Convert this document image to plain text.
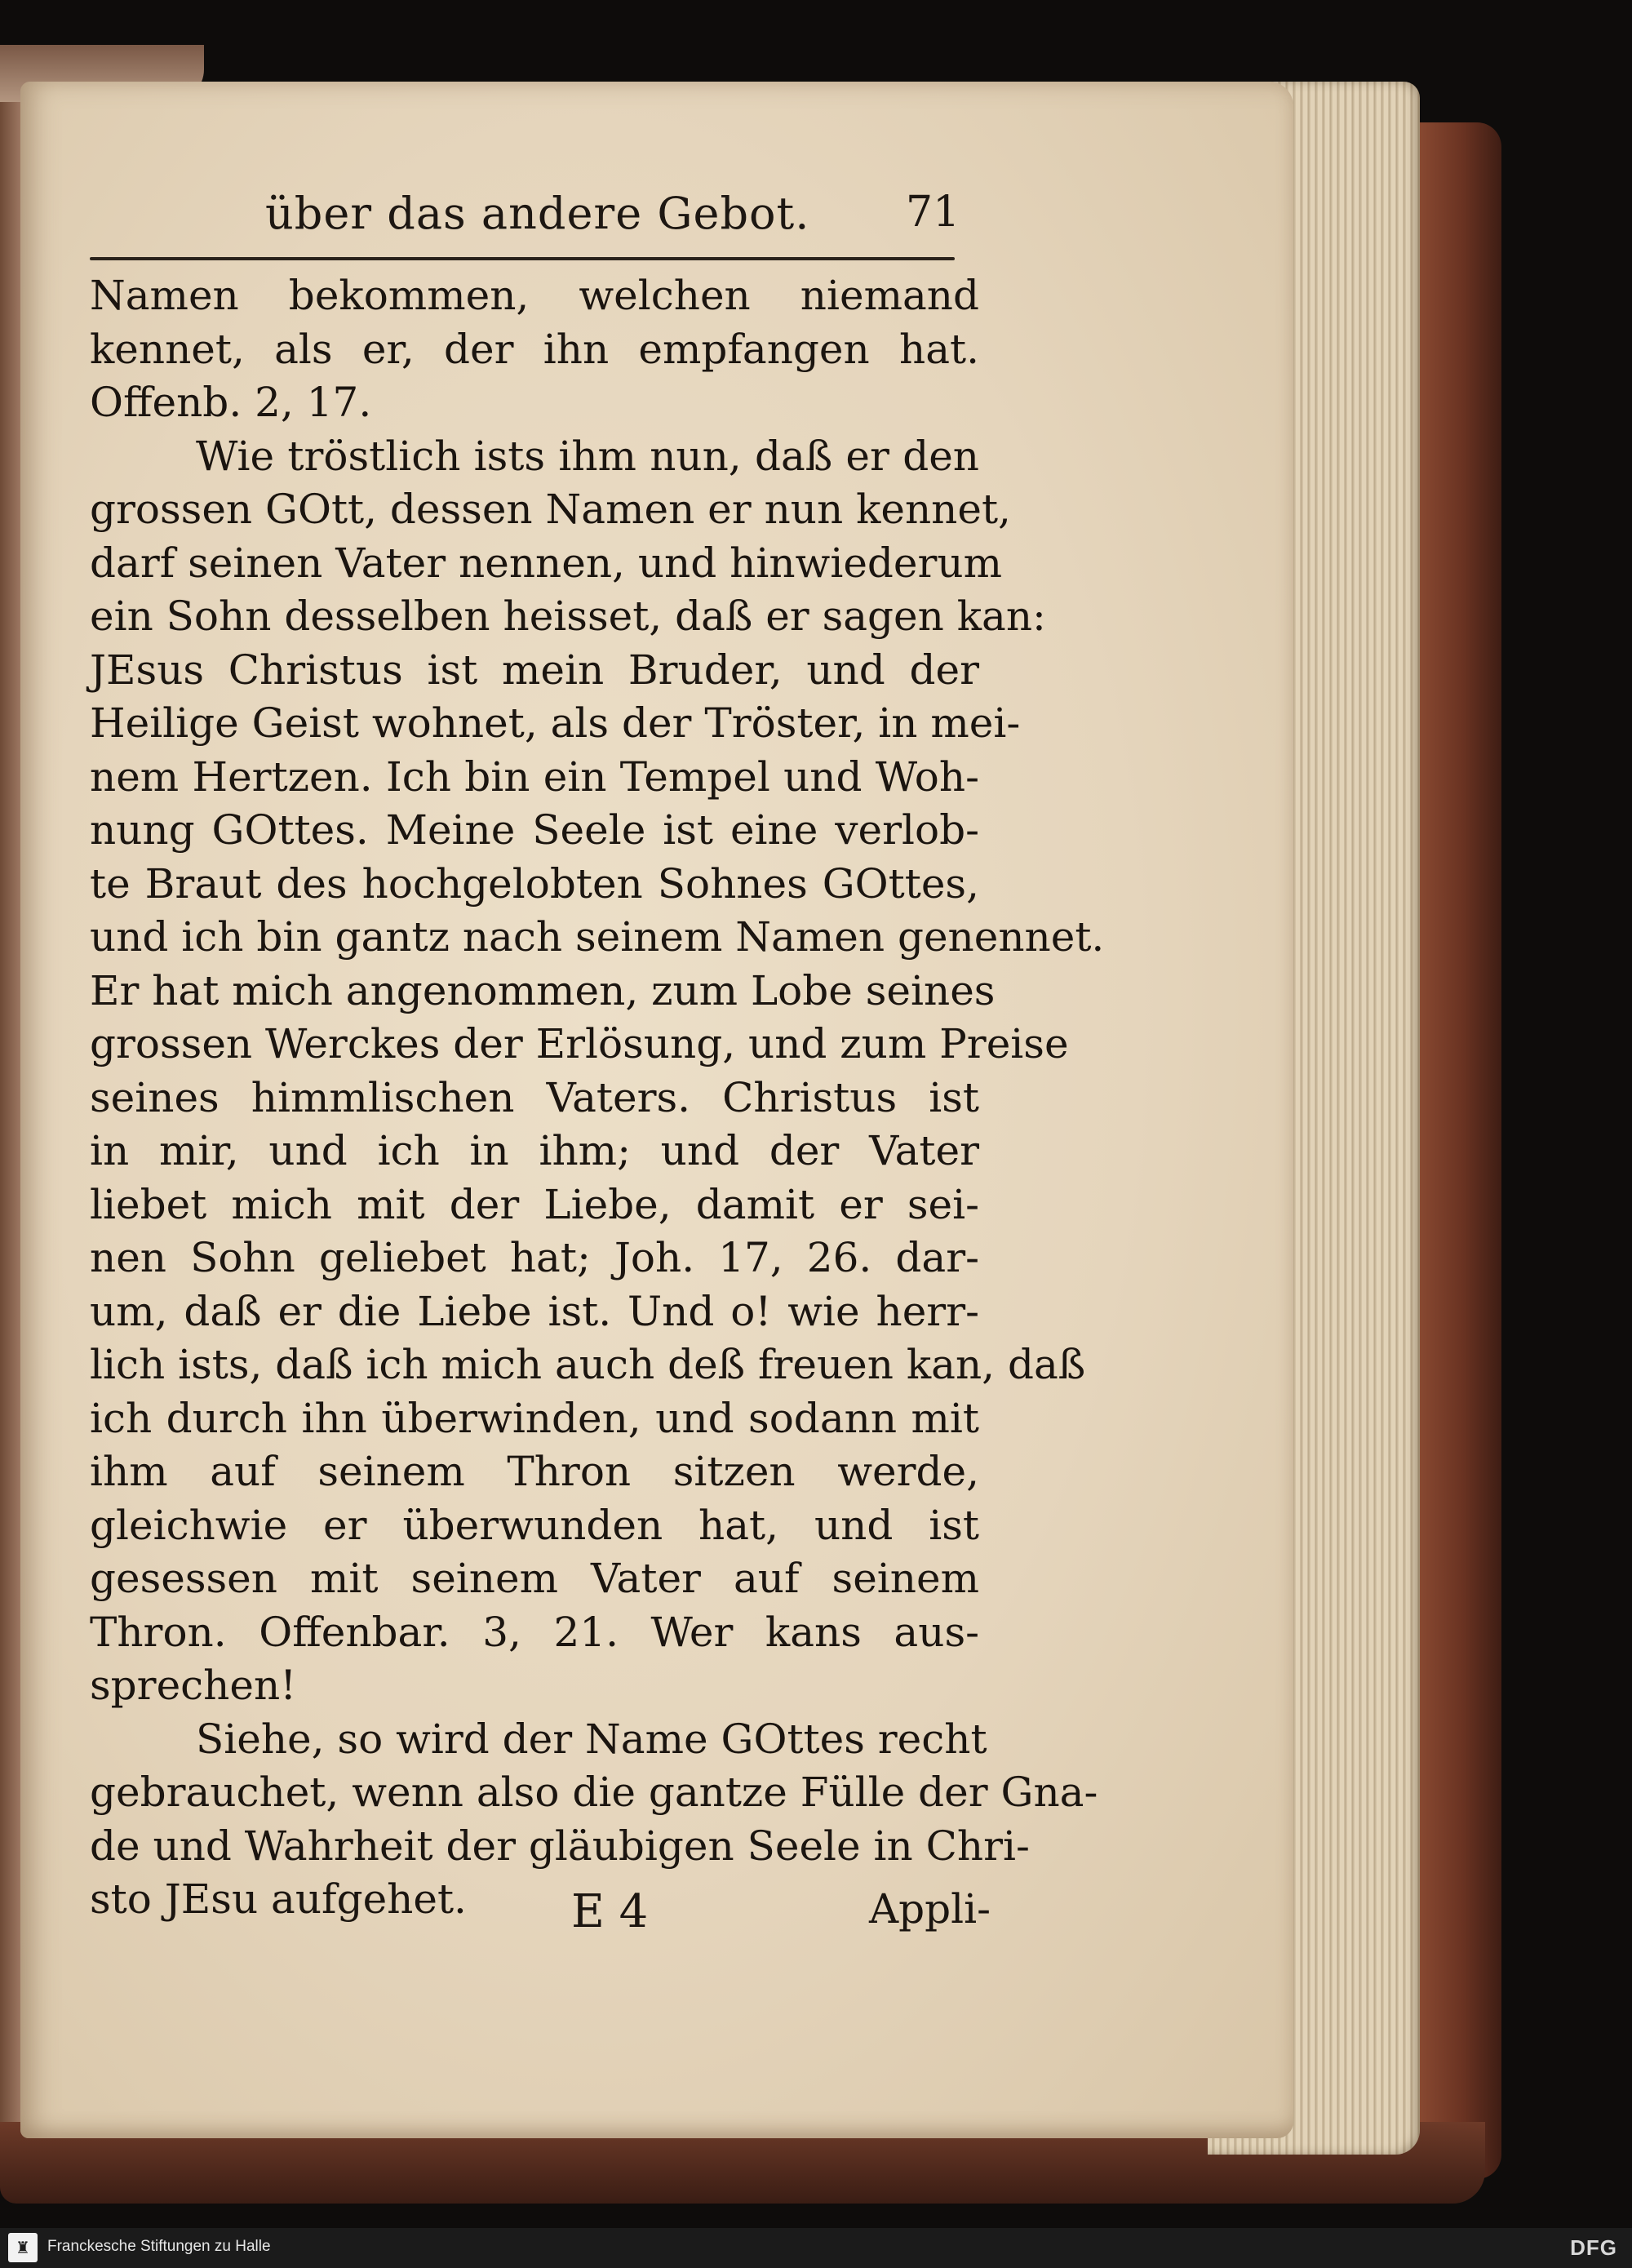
über das andere Gebot. 71
Namen bekommen, welchen niemand
kennet, als er, der ihn empfangen hat.
Offenb. 2, 17.
Wie tröstlich ists ihm nun, daß er den
grossen GOtt, dessen Namen er nun kennet,
darf seinen Vater nennen, und hinwiederum
ein Sohn desselben heisset, daß er sagen kan:
JEsus Christus ist mein Bruder, und der
Heilige Geist wohnet, als der Tröster, in mei-
nem Hertzen. Ich bin ein Tempel und Woh-
nung GOttes. Meine Seele ist eine verlob-
te Braut des hochgelobten Sohnes GOttes,
und ich bin gantz nach seinem Namen genennet.
Er hat mich angenommen, zum Lobe seines
grossen Werckes der Erlösung, und zum Preise
seines himmlischen Vaters. Christus ist
in mir, und ich in ihm; und der Vater
liebet mich mit der Liebe, damit er sei-
nen Sohn geliebet hat; Joh. 17, 26. dar-
um, daß er die Liebe ist. Und o! wie herr-
lich ists, daß ich mich auch deß freuen kan, daß
ich durch ihn überwinden, und sodann mit
ihm auf seinem Thron sitzen werde,
gleichwie er überwunden hat, und ist
gesessen mit seinem Vater auf seinem
Thron. Offenbar. 3, 21. Wer kans aus-
sprechen!
Siehe, so wird der Name GOttes recht
gebrauchet, wenn also die gantze Fülle der Gna-
de und Wahrheit der gläubigen Seele in Chri-
sto JEsu aufgehet.	E 4	Appli-
♜	Franckesche Stiftungen zu Halle	DFG
